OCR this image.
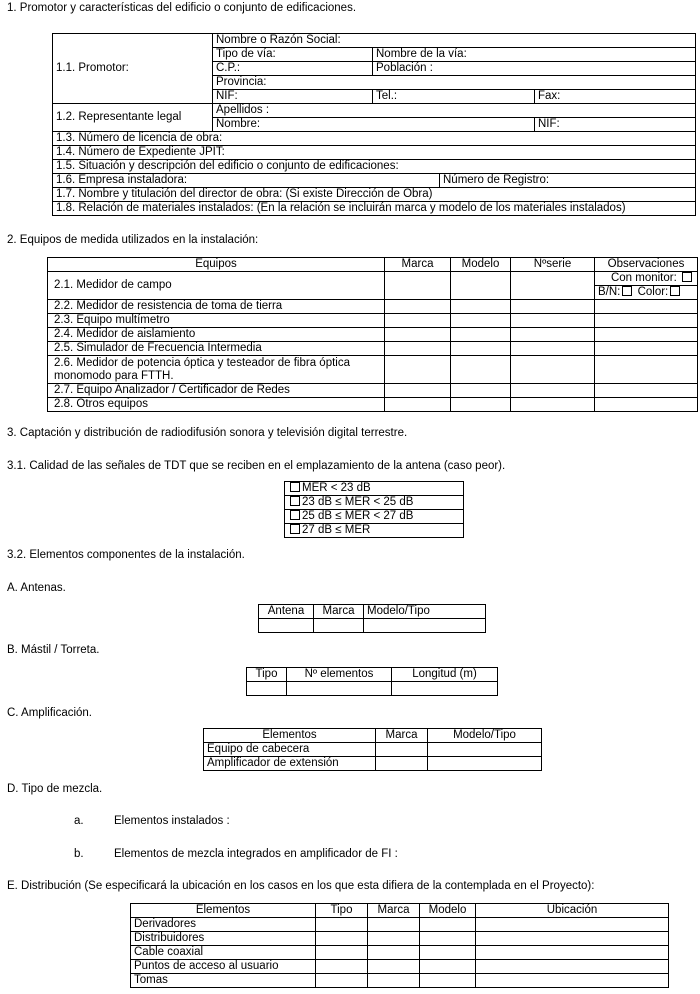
1. Promotor y características del edificio o conjunto de edificaciones.
1.1. Promotor:	Nombre o Razón Social:		
	Tipo de vía:	Nombre de la vía:	
	C.P.:	Población :	
	Provincia:		
	NIF:	Tel.:	Fax:
1.2. Representante legal	Apellidos :		
	Nombre:		NIF:
1.3. Número de licencia de obra:			
1.4. Número de Expediente JPIT:			
1.5. Situación y descripción del edificio o conjunto de edificaciones:			

1.6. Empresa instaladora: Número de Registro:			

1.7. Nombre y titulación del director de obra: (Si existe Dirección de Obra)			
1.8. Relación de materiales instalados: (En la relación se incluirán marca y modelo de los materiales instalados)			
2. Equipos de medida utilizados en la instalación:
Equipos	Marca	Modelo	Nºserie	Observaciones
2.1. Medidor de campo				Con monitor:
				B/N: Color:
2.2. Medidor de resistencia de toma de tierra				
2.3. Equipo multímetro				
2.4. Medidor de aislamiento				
2.5. Simulador de Frecuencia Intermedia				

2.6. Medidor de potencia óptica y testeador de fibra óptica
monomodo para FTTH.				

2.7. Equipo Analizador / Certificador de Redes				
2.8. Otros equipos				
3. Captación y distribución de radiodifusión sonora y televisión digital terrestre.
3.1. Calidad de las señales de TDT que se reciben en el emplazamiento de la antena (caso peor).
MER < 23 dB
23 dB ≤ MER < 25 dB
25 dB ≤ MER < 27 dB
27 dB ≤ MER
3.2. Elementos componentes de la instalación.
A. Antenas.
Antena	Marca	Modelo/Tipo

B. Mástil / Torreta.
Tipo	Nº elementos	Longitud (m)

C. Amplificación.
Elementos	Marca	Modelo/Tipo
Equipo de cabecera		
Amplificador de extensión		
D. Tipo de mezcla.
a.	Elementos instalados :
b.	Elementos de mezcla integrados en amplificador de FI :
E. Distribución (Se especificará la ubicación en los casos en los que esta difiera de la contemplada en el Proyecto):
Elementos	Tipo	Marca	Modelo	Ubicación
Derivadores				
Distribuidores				
Cable coaxial				
Puntos de acceso al usuario				
Tomas				
